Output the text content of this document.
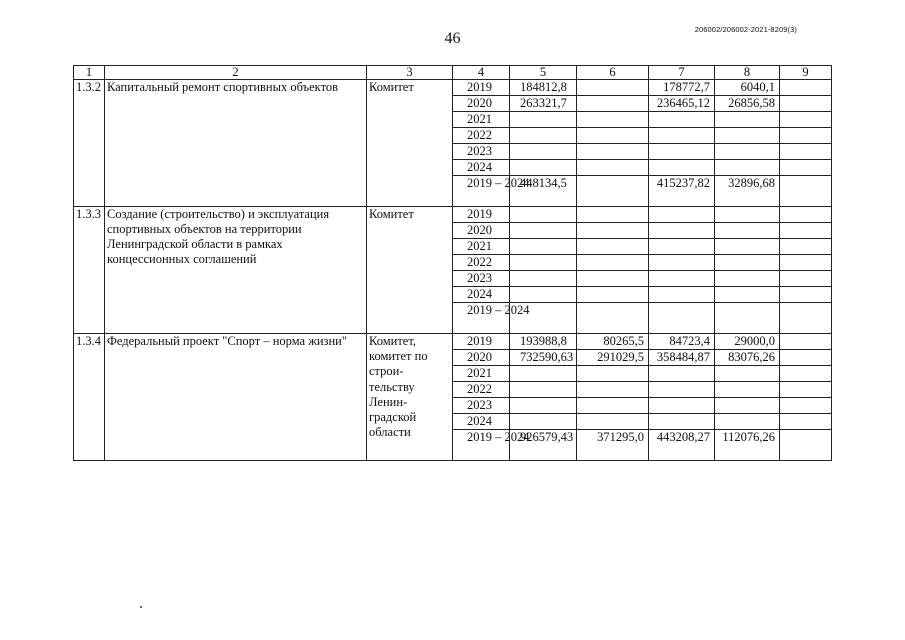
46
206002/206002-2021-8209(3)
1	2	3	4	5	6	7	8	9
1.3.2	Капитальный ремонт спортивных объектов	Комитет	2019	184812,8		178772,7	6040,1	
			2020	263321,7		236465,12	26856,58	
			2021					
			2022					
			2023					
			2024					
			2019 – 2024	448134,5		415237,82	32896,68	
1.3.3	Создание (строительство) и эксплуатация спортивных объектов на территории Ленинградской области в рамках концессионных соглашений	Комитет	2019					
			2020					
			2021					
			2022					
			2023					
			2024					
			2019 – 2024					
1.3.4	Федеральный проект "Спорт – норма жизни"	Комитет, комитет по строи- тельству Ленин- градской области	2019	193988,8	80265,5	84723,4	29000,0	
			2020	732590,63	291029,5	358484,87	83076,26	
			2021					
			2022					
			2023					
			2024					
			2019 – 2024	926579,43	371295,0	443208,27	112076,26	
